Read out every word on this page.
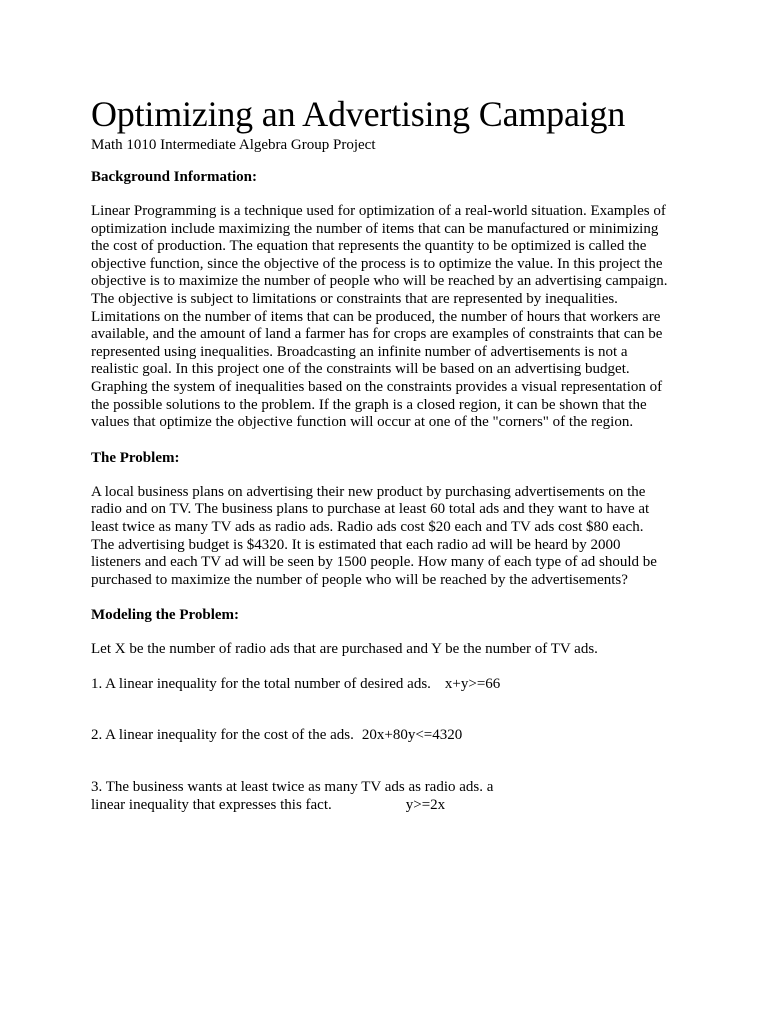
Optimizing an Advertising Campaign
Math 1010 Intermediate Algebra Group Project
Background Information:
Linear Programming is a technique used for optimization of a real-world situation. Examples of
optimization include maximizing the number of items that can be manufactured or minimizing
the cost of production. The equation that represents the quantity to be optimized is called the
objective function, since the objective of the process is to optimize the value. In this project the
objective is to maximize the number of people who will be reached by an advertising campaign.
The objective is subject to limitations or constraints that are represented by inequalities.
Limitations on the number of items that can be produced, the number of hours that workers are
available, and the amount of land a farmer has for crops are examples of constraints that can be
represented using inequalities. Broadcasting an infinite number of advertisements is not a
realistic goal. In this project one of the constraints will be based on an advertising budget.
Graphing the system of inequalities based on the constraints provides a visual representation of
the possible solutions to the problem. If the graph is a closed region, it can be shown that the
values that optimize the objective function will occur at one of the "corners" of the region.
The Problem:
A local business plans on advertising their new product by purchasing advertisements on the
radio and on TV. The business plans to purchase at least 60 total ads and they want to have at
least twice as many TV ads as radio ads. Radio ads cost $20 each and TV ads cost $80 each.
The advertising budget is $4320. It is estimated that each radio ad will be heard by 2000
listeners and each TV ad will be seen by 1500 people. How many of each type of ad should be
purchased to maximize the number of people who will be reached by the advertisements?
Modeling the Problem:
Let X be the number of radio ads that are purchased and Y be the number of TV ads.
1. A linear inequality for the total number of desired ads. x+y>=66
2. A linear inequality for the cost of the ads. 20x+80y<=4320
3. The business wants at least twice as many TV ads as radio ads. a
linear inequality that expresses this fact.	y>=2x
